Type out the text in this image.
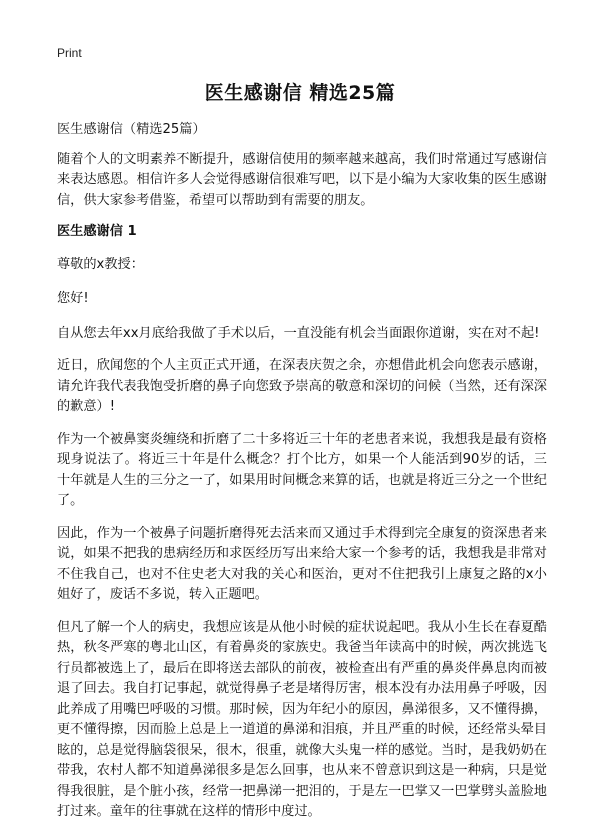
Print
医生感谢信 精选25篇

医生感谢信（精选25篇）

随着个人的文明素养不断提升，感谢信使用的频率越来越高，我们时常通过写感谢信来表达感恩。相信许多人会觉得感谢信很难写吧，以下是小编为大家收集的医生感谢信，供大家参考借鉴，希望可以帮助到有需要的朋友。

医生感谢信 1

尊敬的x教授：

您好!

自从您去年xx月底给我做了手术以后，一直没能有机会当面跟你道谢，实在对不起!

近日，欣闻您的个人主页正式开通，在深表庆贺之余，亦想借此机会向您表示感谢，请允许我代表我饱受折磨的鼻子向您致予崇高的敬意和深切的问候（当然，还有深深的歉意）!

作为一个被鼻窦炎缠绕和折磨了二十多将近三十年的老患者来说，我想我是最有资格现身说法了。将近三十年是什么概念？打个比方，如果一个人能活到90岁的话，三十年就是人生的三分之一了，如果用时间概念来算的话，也就是将近三分之一个世纪了。

因此，作为一个被鼻子问题折磨得死去活来而又通过手术得到完全康复的资深患者来说，如果不把我的患病经历和求医经历写出来给大家一个参考的话，我想我是非常对不住我自己，也对不住史老大对我的关心和医治，更对不住把我引上康复之路的x小姐好了，废话不多说，转入正题吧。

但凡了解一个人的病史，我想应该是从他小时候的症状说起吧。我从小生长在春夏酷热，秋冬严寒的粤北山区，有着鼻炎的家族史。我爸当年读高中的时候，两次挑选飞行员都被选上了，最后在即将送去部队的前夜，被检查出有严重的鼻炎伴鼻息肉而被退了回去。我自打记事起，就觉得鼻子老是堵得厉害，根本没有办法用鼻子呼吸，因此养成了用嘴巴呼吸的习惯。那时候，因为年纪小的原因，鼻涕很多，又不懂得擤，更不懂得擦，因而脸上总是上一道道的鼻涕和泪痕，并且严重的时候，还经常头晕目眩的，总是觉得脑袋很呆，很木，很重，就像大头鬼一样的感觉。当时，是我奶奶在带我，农村人都不知道鼻涕很多是怎么回事，也从来不曾意识到这是一种病，只是觉得我很脏，是个脏小孩，经常一把鼻涕一把泪的，于是左一巴掌又一巴掌劈头盖脸地打过来。童年的往事就在这样的情形中度过。
